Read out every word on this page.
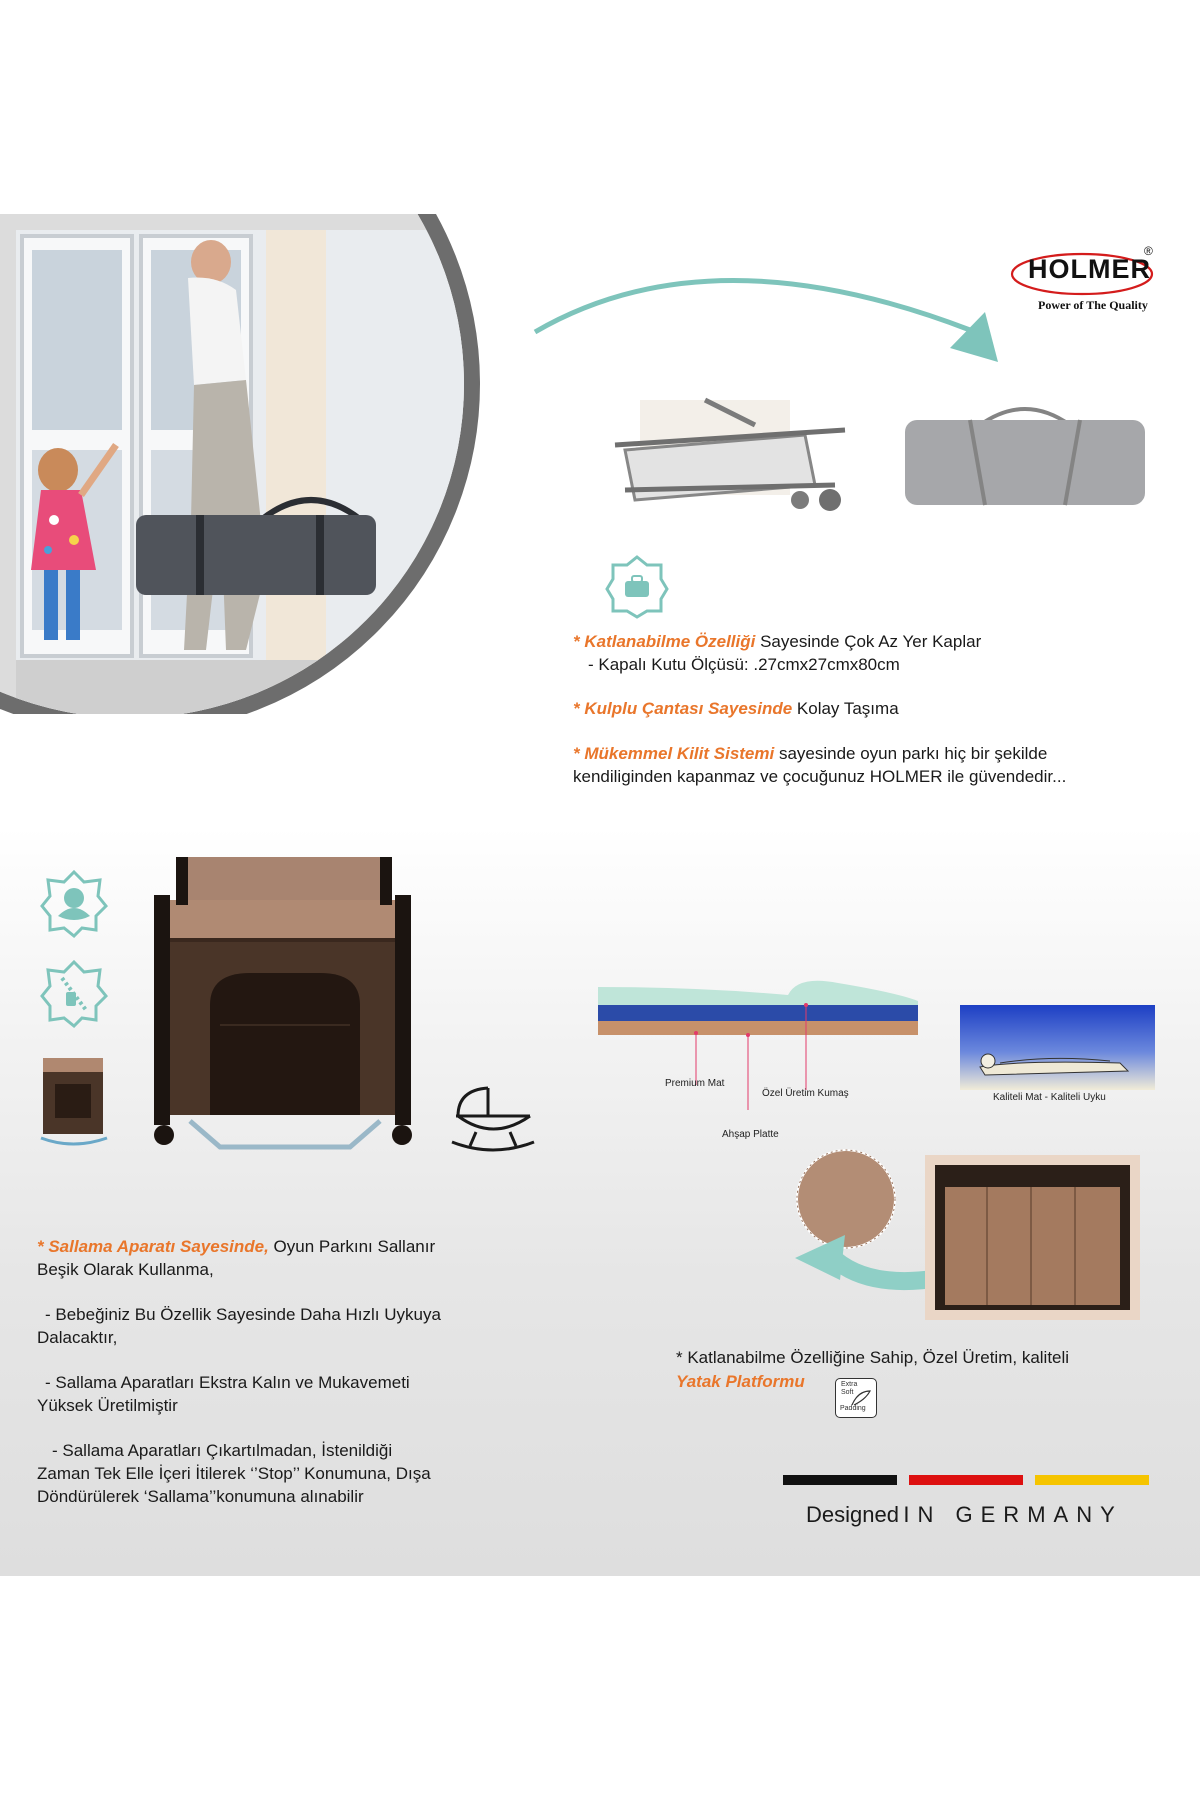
HOLMER
®
Power of The Quality
* Katlanabilme Özelliği Sayesinde Çok Az Yer Kaplar
- Kapalı Kutu Ölçüsü: .27cmx27cmx80cm
* Kulplu Çantası Sayesinde Kolay Taşıma
* Mükemmel Kilit Sistemi sayesinde oyun parkı hiç bir şekilde
kendiliginden kapanmaz ve çocuğunuz HOLMER ile güvendedir...
* Sallama Aparatı Sayesinde, Oyun Parkını Sallanır
Beşik Olarak Kullanma,
- Bebeğiniz Bu Özellik Sayesinde Daha Hızlı Uykuya
Dalacaktır,
- Sallama Aparatları Ekstra Kalın ve Mukavemeti
Yüksek Üretilmiştir
- Sallama Aparatları Çıkartılmadan, İstenildiği
Zaman Tek Elle İçeri İtilerek ‘’Stop’’ Konumuna, Dışa
Döndürülerek ‘Sallama’’konumuna alınabilir
Premium Mat
Özel Üretim Kumaş
Ahşap Platte
Kaliteli Mat - Kaliteli Uyku
* Katlanabilme Özelliğine Sahip, Özel Üretim, kaliteli
Yatak Platformu	Extra
Soft
Padding
Designed IN GERMANY
